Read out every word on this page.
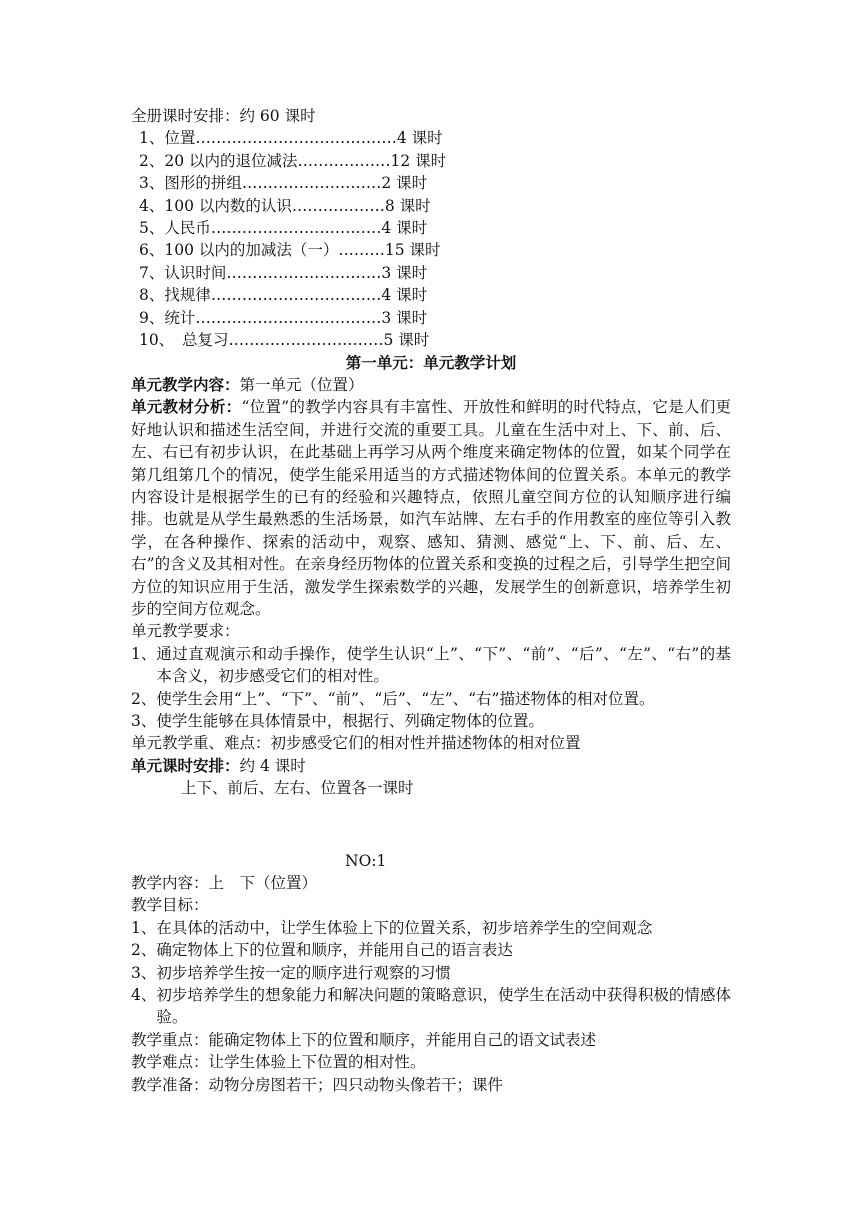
全册课时安排：约 60 课时
1、位置…………………………………4 课时
2、20 以内的退位减法………………12 课时
3、图形的拼组………………………2 课时
4、100 以内数的认识………………8 课时
5、人民币……………………………4 课时
6、100 以内的加减法（一）………15 课时
7、认识时间…………………………3 课时
8、找规律……………………………4 课时
9、统计………………………………3 课时
10、　总复习…………………………5 课时
第一单元：单元教学计划
单元教学内容：第一单元（位置）
单元教材分析：“位置”的教学内容具有丰富性、开放性和鲜明的时代特点，它是人们更好地认识和描述生活空间，并进行交流的重要工具。儿童在生活中对上、下、前、后、左、右已有初步认识，在此基础上再学习从两个维度来确定物体的位置，如某个同学在第几组第几个的情况，使学生能采用适当的方式描述物体间的位置关系。本单元的教学内容设计是根据学生的已有的经验和兴趣特点，依照儿童空间方位的认知顺序进行编排。也就是从学生最熟悉的生活场景，如汽车站牌、左右手的作用教室的座位等引入教学，在各种操作、探索的活动中，观察、感知、猜测、感觉“上、下、前、后、左、右”的含义及其相对性。在亲身经历物体的位置关系和变换的过程之后，引导学生把空间方位的知识应用于生活，激发学生探索数学的兴趣，发展学生的创新意识，培养学生初步的空间方位观念。
单元教学要求：
1、 通过直观演示和动手操作，使学生认识“上”、“下”、“前”、“后”、“左”、“右”的基本含义，初步感受它们的相对性。
2、 使学生会用“上”、“下”、“前”、“后”、“左”、“右”描述物体的相对位置。
3、 使学生能够在具体情景中，根据行、列确定物体的位置。
单元教学重、难点：初步感受它们的相对性并描述物体的相对位置
单元课时安排：约 4 课时
上下、前后、左右、位置各一课时
NO:1
教学内容：上　下（位置）
教学目标：
1、 在具体的活动中，让学生体验上下的位置关系，初步培养学生的空间观念
2、 确定物体上下的位置和顺序，并能用自己的语言表达
3、 初步培养学生按一定的顺序进行观察的习惯
4、 初步培养学生的想象能力和解决问题的策略意识，使学生在活动中获得积极的情感体验。
教学重点：能确定物体上下的位置和顺序，并能用自己的语文试表述
教学难点：让学生体验上下位置的相对性。
教学准备：动物分房图若干；四只动物头像若干；课件
